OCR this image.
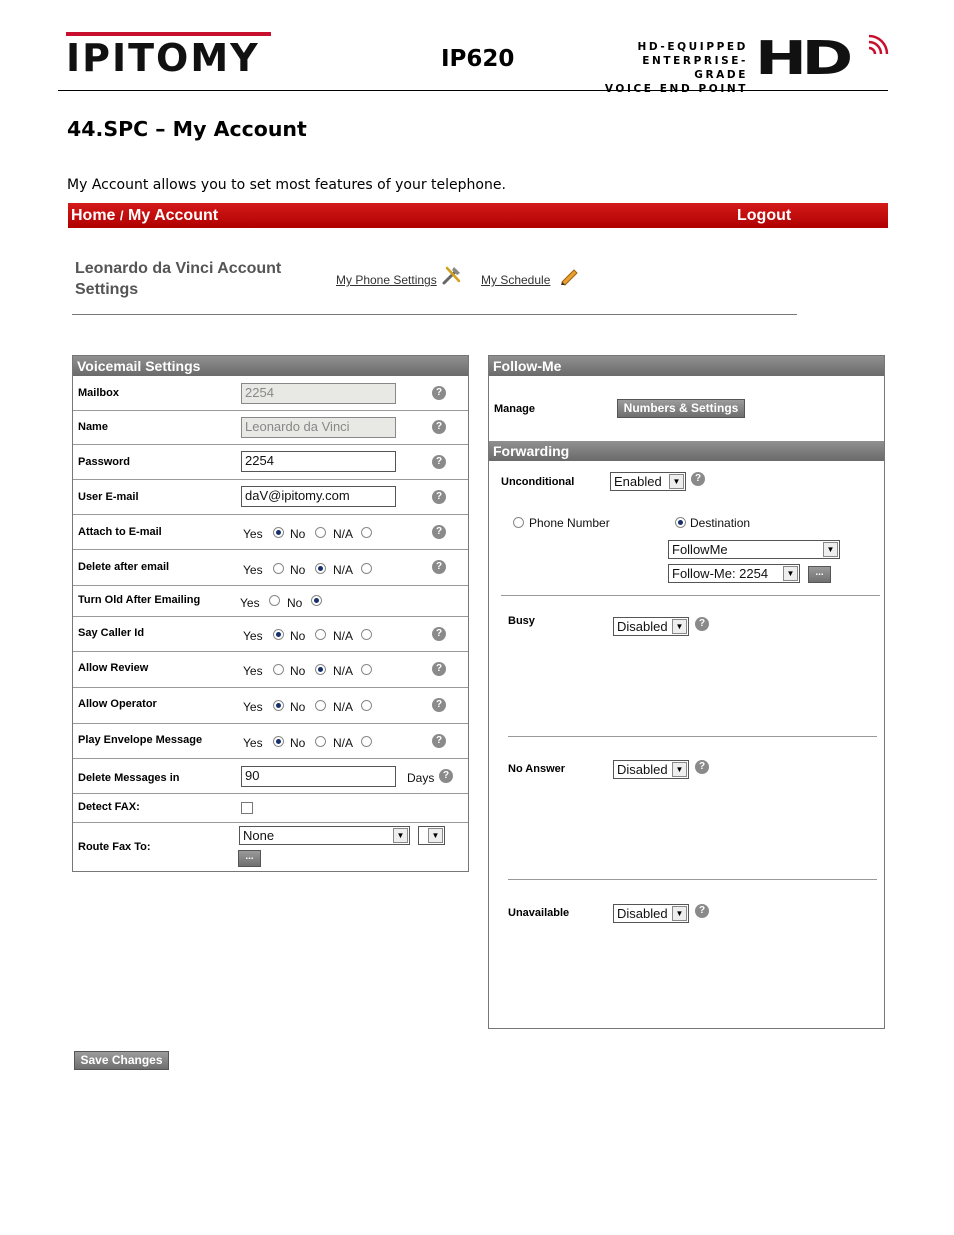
IPITOMY	IP620	HD-EQUIPPED
ENTERPRISE-GRADE
VOICE END POINT
HD
44.SPC – My Account
My Account allows you to set most features of your telephone.
Home / My Account	Logout
Leonardo da Vinci Account Settings
My Phone Settings	My Schedule
Voicemail Settings
Mailbox	2254	?
Name	Leonardo da Vinci	?
Password	2254	?
User E-mail	daV@ipitomy.com	?
Attach to E-mail	Yes No N/A	?
Delete after email	Yes No N/A	?
Turn Old After Emailing	Yes No
Say Caller Id	Yes No N/A	?
Allow Review	Yes No N/A	?
Allow Operator	Yes No N/A	?
Play Envelope Message	Yes No N/A	?
Delete Messages in	90	Days ?
Detect FAX:
Route Fax To:
None	▼	▼
...
Follow-Me
Manage	Numbers & Settings
Forwarding
Unconditional	Enabled	▼	?
Phone Number	Destination
FollowMe	▼
Follow-Me: 2254	▼	...
Busy	Disabled ▼	?
No Answer	Disabled ▼	?
Unavailable	Disabled ▼	?
Save Changes
